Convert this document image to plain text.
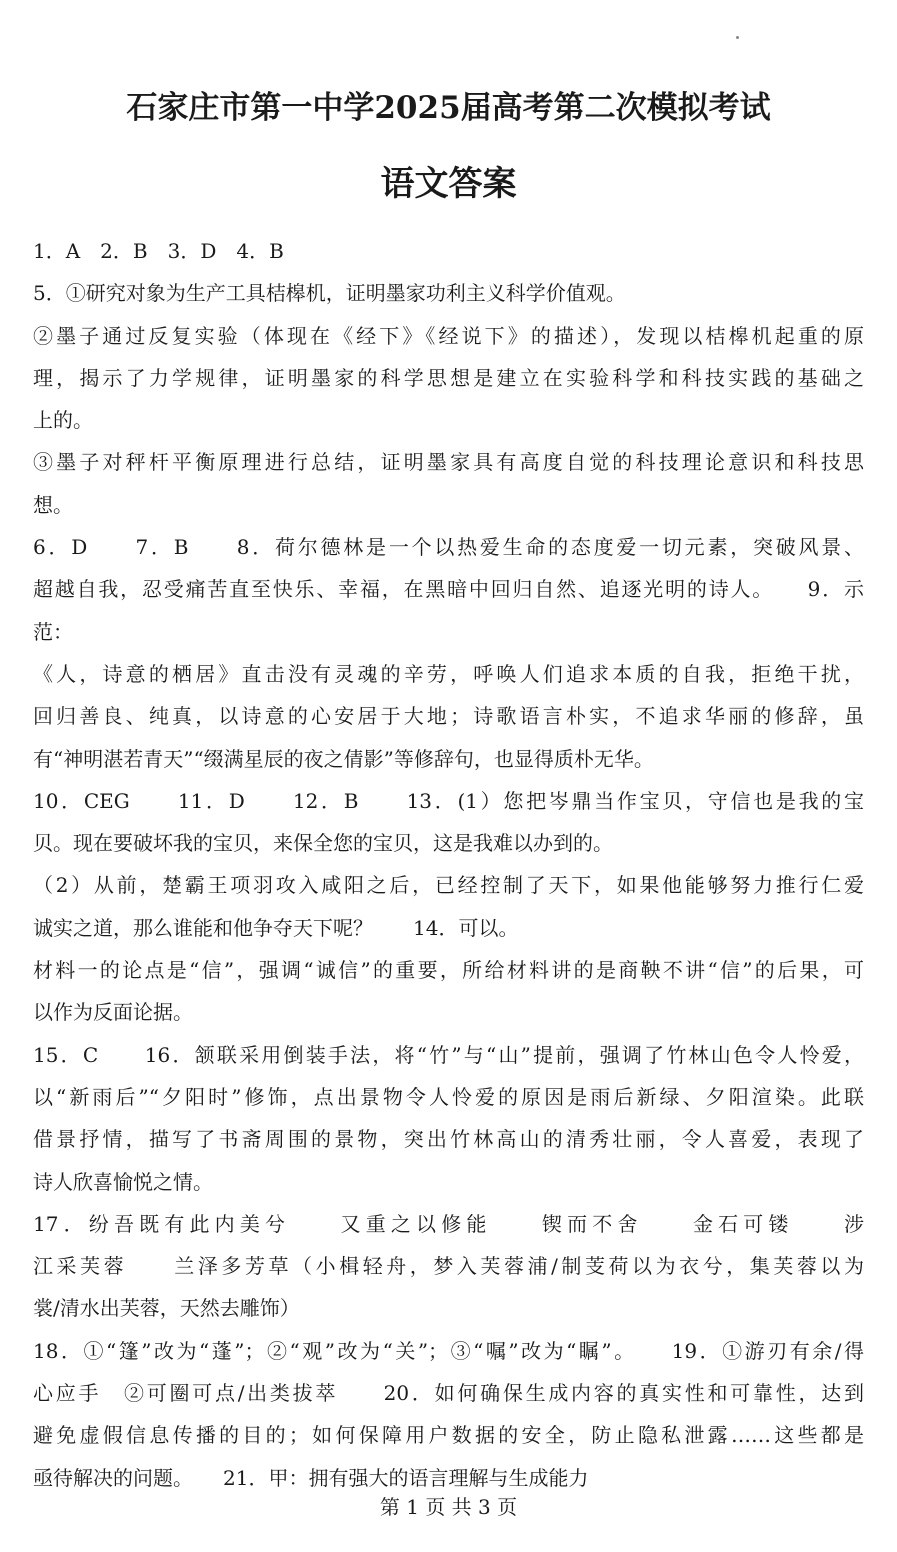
石家庄市第一中学2025届高考第二次模拟考试
语文答案
1．A　2．B　3．D　4．B
5．①研究对象为生产工具桔槔机，证明墨家功利主义科学价值观。
②墨子通过反复实验（体现在《经下》《经说下》的描述），发现以桔槔机起重的原
理，揭示了力学规律，证明墨家的科学思想是建立在实验科学和科技实践的基础之
上的。
③墨子对秤杆平衡原理进行总结，证明墨家具有高度自觉的科技理论意识和科技思
想。
6．D　　7．B　　8．荷尔德林是一个以热爱生命的态度爱一切元素，突破风景、
超越自我，忍受痛苦直至快乐、幸福，在黑暗中回归自然、追逐光明的诗人。　　9．示
范：
《人，诗意的栖居》直击没有灵魂的辛劳，呼唤人们追求本质的自我，拒绝干扰，
回归善良、纯真，以诗意的心安居于大地；诗歌语言朴实，不追求华丽的修辞，虽
有“神明湛若青天”“缀满星辰的夜之倩影”等修辞句，也显得质朴无华。
10．CEG　　11．D　　12．B　　13．(1）您把岑鼎当作宝贝，守信也是我的宝
贝。现在要破坏我的宝贝，来保全您的宝贝，这是我难以办到的。
（2）从前，楚霸王项羽攻入咸阳之后，已经控制了天下，如果他能够努力推行仁爱
诚实之道，那么谁能和他争夺天下呢？　　14．可以。
材料一的论点是“信”，强调“诚信”的重要，所给材料讲的是商鞅不讲“信”的后果，可
以作为反面论据。
15．C　　16．颔联采用倒装手法，将“竹”与“山”提前，强调了竹林山色令人怜爱，
以“新雨后”“夕阳时”修饰，点出景物令人怜爱的原因是雨后新绿、夕阳渲染。此联
借景抒情，描写了书斋周围的景物，突出竹林高山的清秀壮丽，令人喜爱，表现了
诗人欣喜愉悦之情。
17．纷吾既有此内美兮　　又重之以修能　　锲而不舍　　金石可镂　　涉
江采芙蓉　　兰泽多芳草（小楫轻舟，梦入芙蓉浦/制芰荷以为衣兮，集芙蓉以为
裳/清水出芙蓉，天然去雕饰）
18．①“篷”改为“蓬”；②“观”改为“关”；③“嘱”改为“瞩”。　　19．①游刃有余/得
心应手　②可圈可点/出类拔萃　　20．如何确保生成内容的真实性和可靠性，达到
避免虚假信息传播的目的；如何保障用户数据的安全，防止隐私泄露……这些都是
亟待解决的问题。　　21．甲：拥有强大的语言理解与生成能力
第 1 页 共 3 页
